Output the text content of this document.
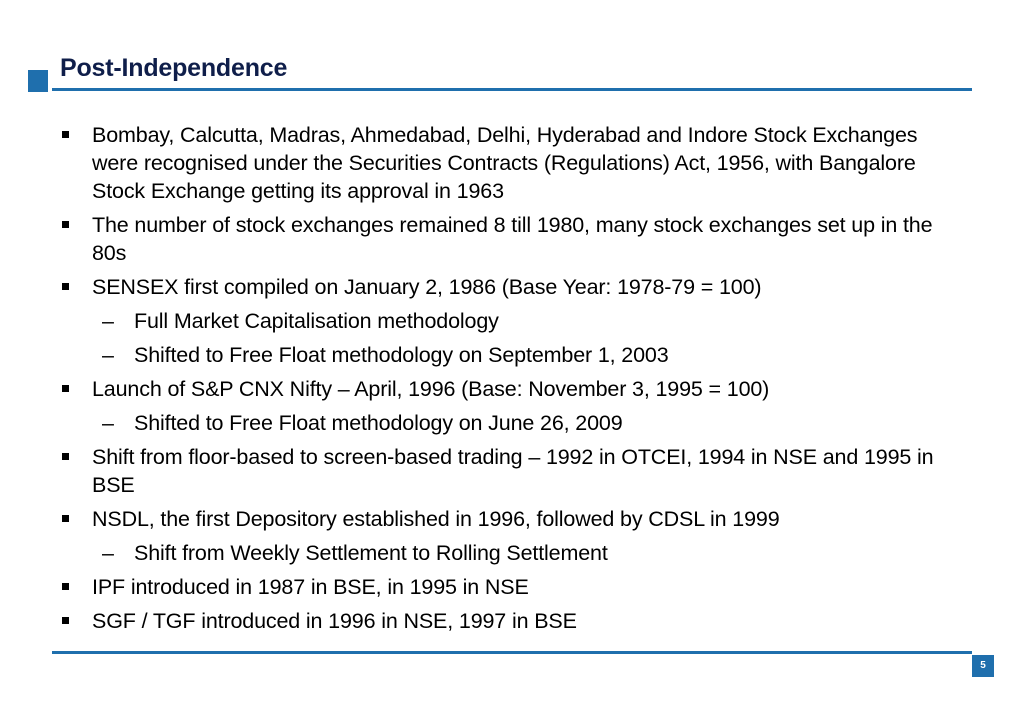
Post-Independence
Bombay, Calcutta, Madras, Ahmedabad, Delhi, Hyderabad and Indore Stock Exchanges were recognised under the Securities Contracts (Regulations) Act, 1956, with Bangalore Stock Exchange getting its approval in 1963
The number of stock exchanges remained 8 till 1980, many stock exchanges set up in the 80s
SENSEX first compiled on January 2, 1986 (Base Year: 1978-79 = 100)
– Full Market Capitalisation methodology
– Shifted to Free Float methodology on September 1, 2003
Launch of S&P CNX Nifty – April, 1996 (Base: November 3, 1995 = 100)
– Shifted to Free Float methodology on June 26, 2009
Shift from floor-based to screen-based trading – 1992 in OTCEI, 1994 in NSE and 1995 in BSE
NSDL, the first Depository established in 1996, followed by CDSL in 1999
– Shift from Weekly Settlement to Rolling Settlement
IPF introduced in 1987 in BSE, in 1995 in NSE
SGF / TGF introduced in 1996 in NSE, 1997 in BSE
5
